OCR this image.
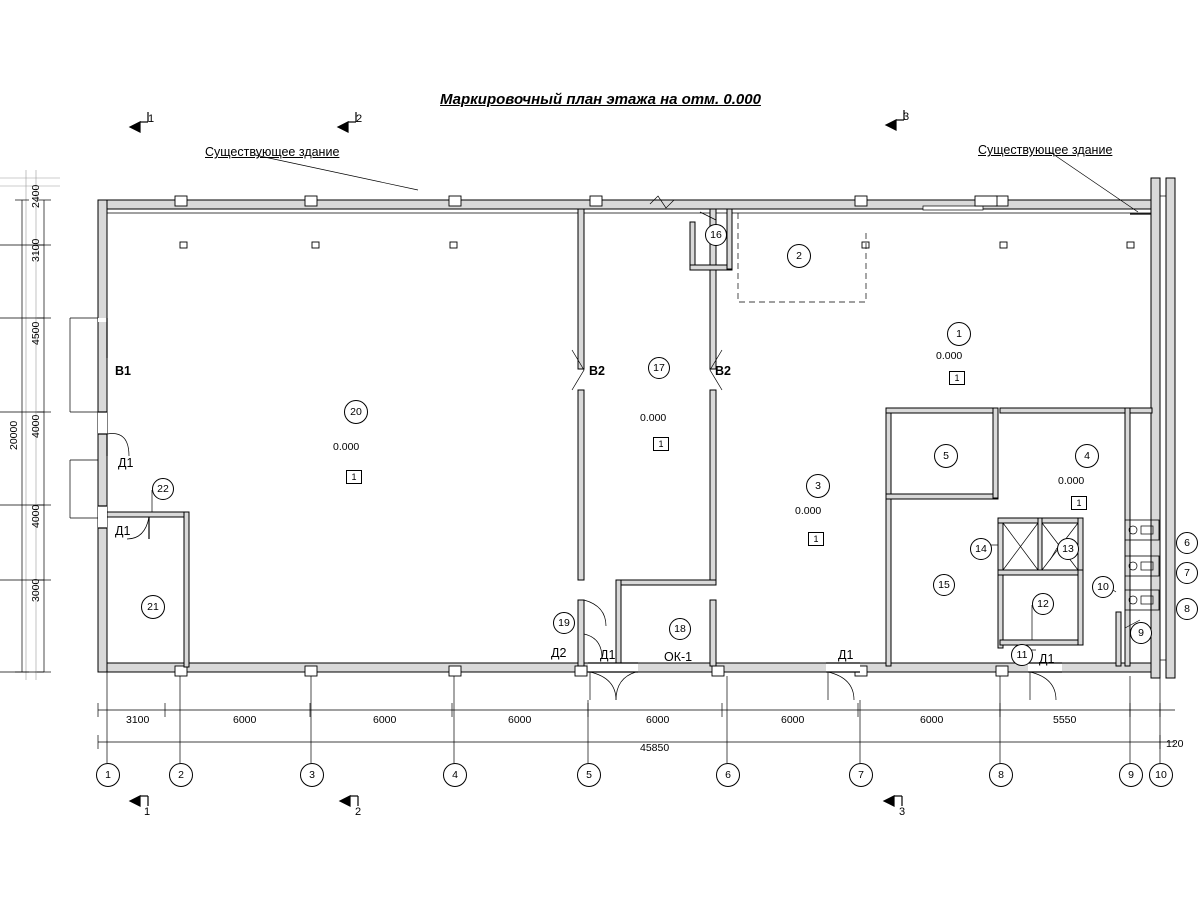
Маркировочный план этажа на отм. 0.000
Существующее здание	Существующее здание
1	2	3
1	2	3
В1	В2	В2
Д1
Д1
Д2	Д1	ОК-1	Д1	Д1
1
2
3
4
5
6
7
8
9
10
11
12
13
14
15
16
17
18
19
20
21
22
0.000
1
0.000
1
0.000
1
0.000
1
0.000
1
3100	6000	6000	6000	6000	6000	6000	5550
120
45850
2400
3100
4500
4000
4000
3000
20000
1	2	3	4	5	6	7	8	9	10
